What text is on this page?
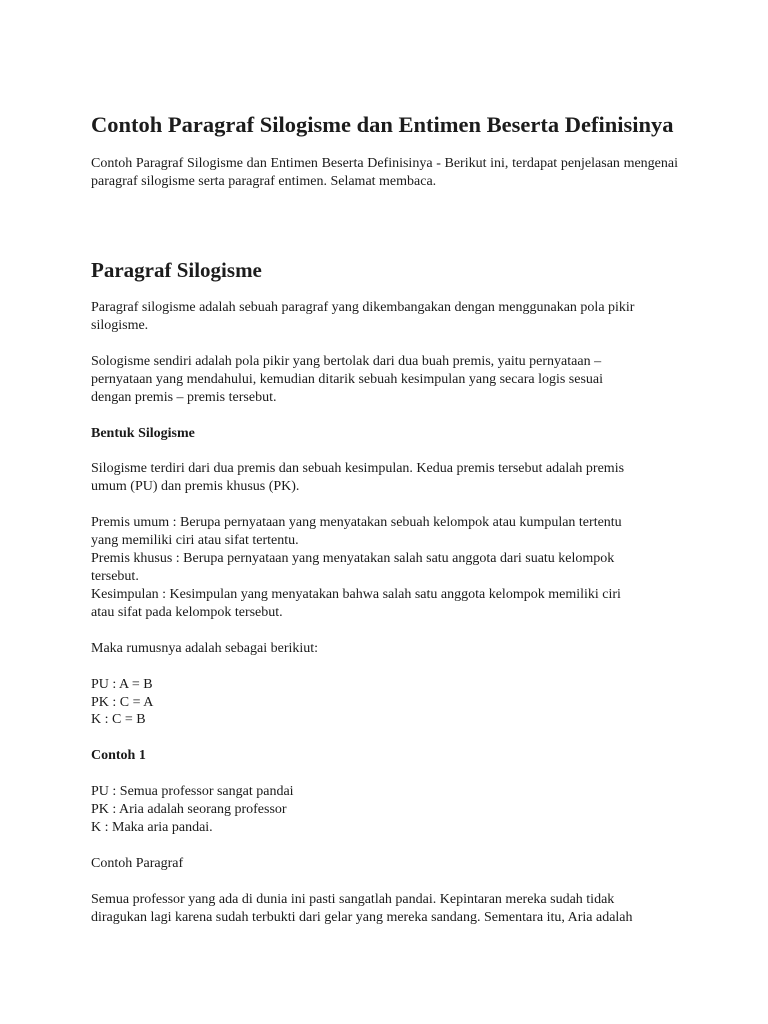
Contoh Paragraf Silogisme dan Entimen Beserta Definisinya

Contoh Paragraf Silogisme dan Entimen Beserta Definisinya - Berikut ini, terdapat penjelasan mengenai paragraf silogisme serta paragraf entimen. Selamat membaca.

Paragraf Silogisme

Paragraf silogisme adalah sebuah paragraf yang dikembangakan dengan menggunakan pola pikir

silogisme.

Sologisme sendiri adalah pola pikir yang bertolak dari dua buah premis, yaitu pernyataan –

pernyataan yang mendahului, kemudian ditarik sebuah kesimpulan yang secara logis sesuai

dengan premis – premis tersebut.

Bentuk Silogisme

Silogisme terdiri dari dua premis dan sebuah kesimpulan. Kedua premis tersebut adalah premis

umum (PU) dan premis khusus (PK).

Premis umum : Berupa pernyataan yang menyatakan sebuah kelompok atau kumpulan tertentu

yang memiliki ciri atau sifat tertentu.

Premis khusus : Berupa pernyataan yang menyatakan salah satu anggota dari suatu kelompok

tersebut.

Kesimpulan : Kesimpulan yang menyatakan bahwa salah satu anggota kelompok memiliki ciri

atau sifat pada kelompok tersebut.

Maka rumusnya adalah sebagai berikiut:

PU : A = B

PK : C = A

K : C = B

Contoh 1

PU : Semua professor sangat pandai

PK : Aria adalah seorang professor

K : Maka aria pandai.

Contoh Paragraf

Semua professor yang ada di dunia ini pasti sangatlah pandai. Kepintaran mereka sudah tidak

diragukan lagi karena sudah terbukti dari gelar yang mereka sandang. Sementara itu, Aria adalah
